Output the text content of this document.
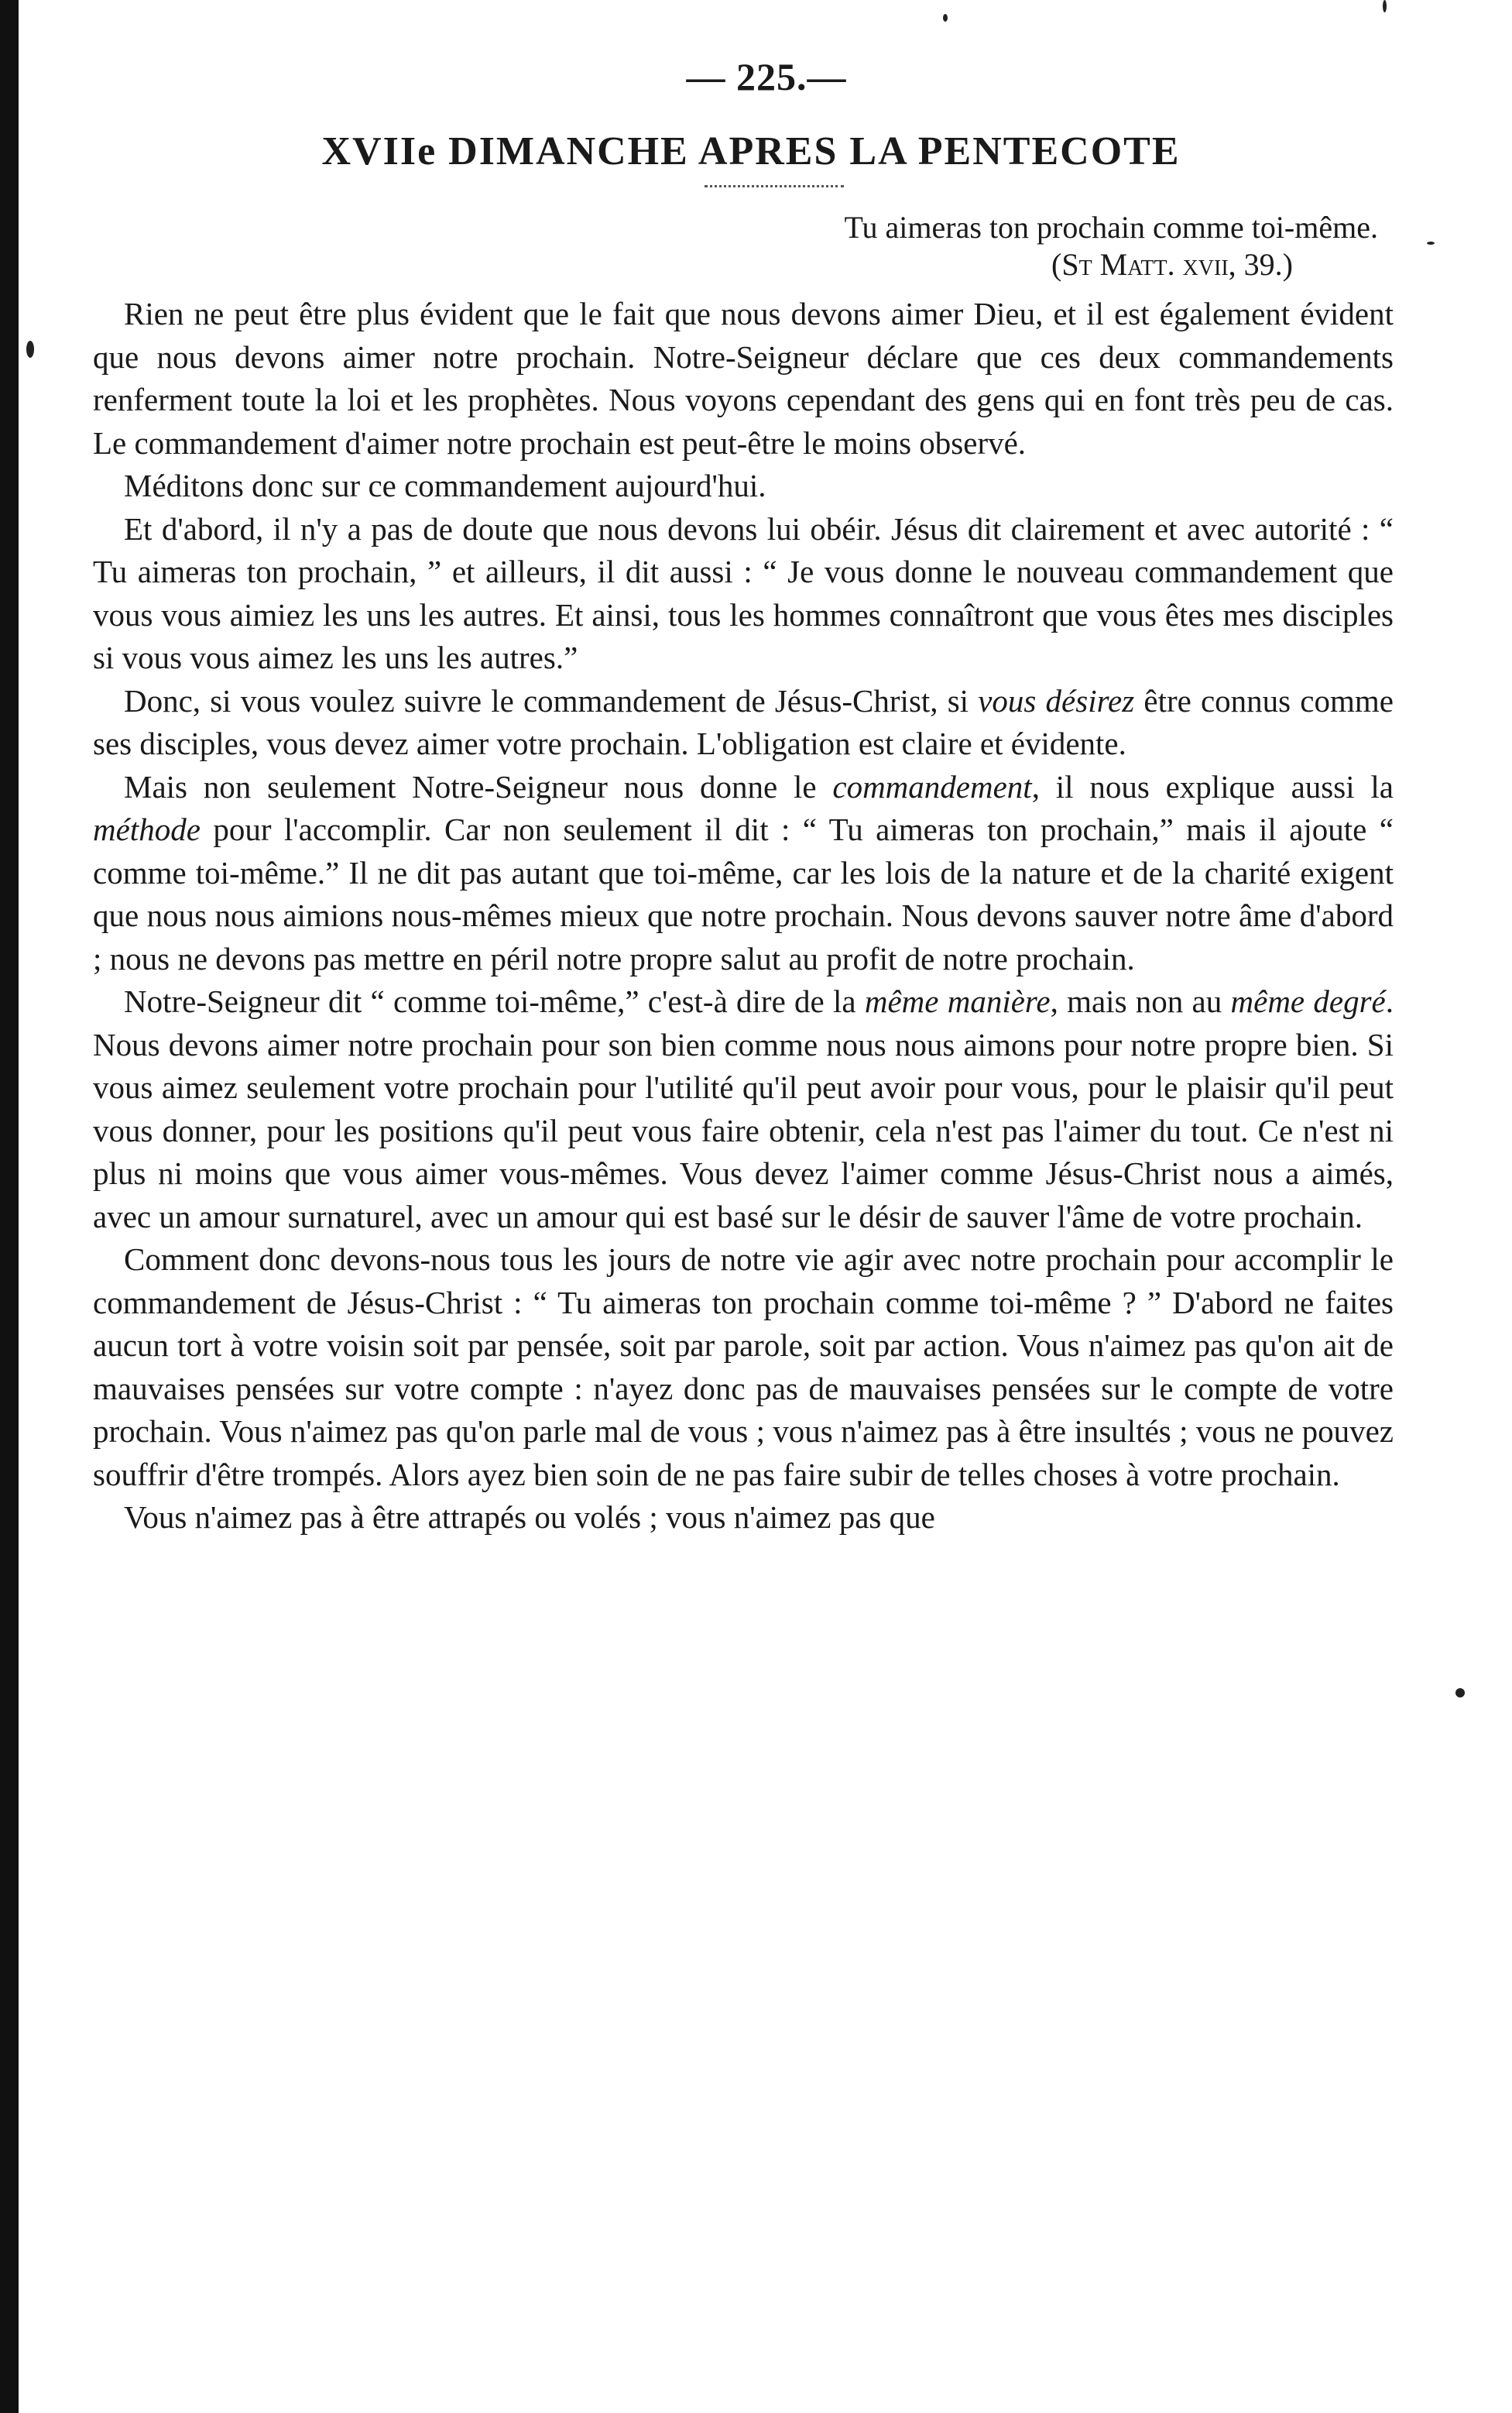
— 225.—
XVIIe DIMANCHE APRES LA PENTECOTE
Tu aimeras ton prochain comme toi-même.
(St Matt. xvii, 39.)

Rien ne peut être plus évident que le fait que nous devons aimer Dieu, et il est également évident que nous devons aimer notre prochain. Notre-Seigneur déclare que ces deux commandements renferment toute la loi et les prophètes. Nous voyons cependant des gens qui en font très peu de cas. Le commandement d'aimer notre prochain est peut-être le moins observé.

Méditons donc sur ce commandement aujourd'hui.

Et d'abord, il n'y a pas de doute que nous devons lui obéir. Jésus dit clairement et avec autorité : “ Tu aimeras ton prochain, ” et ailleurs, il dit aussi : “ Je vous donne le nouveau commandement que vous vous aimiez les uns les autres. Et ainsi, tous les hommes connaîtront que vous êtes mes disciples si vous vous aimez les uns les autres.”

Donc, si vous voulez suivre le commandement de Jésus-Christ, si vous désirez être connus comme ses disciples, vous devez aimer votre prochain. L'obligation est claire et évidente.

Mais non seulement Notre-Seigneur nous donne le commandement, il nous explique aussi la méthode pour l'accomplir. Car non seulement il dit : “ Tu aimeras ton prochain,” mais il ajoute “ comme toi-même.” Il ne dit pas autant que toi-même, car les lois de la nature et de la charité exigent que nous nous aimions nous-mêmes mieux que notre prochain. Nous devons sauver notre âme d'abord ; nous ne devons pas mettre en péril notre propre salut au profit de notre prochain.

Notre-Seigneur dit “ comme toi-même,” c'est-à dire de la même manière, mais non au même degré. Nous devons aimer notre prochain pour son bien comme nous nous aimons pour notre propre bien. Si vous aimez seulement votre prochain pour l'utilité qu'il peut avoir pour vous, pour le plaisir qu'il peut vous donner, pour les positions qu'il peut vous faire obtenir, cela n'est pas l'aimer du tout. Ce n'est ni plus ni moins que vous aimer vous-mêmes. Vous devez l'aimer comme Jésus-Christ nous a aimés, avec un amour surnaturel, avec un amour qui est basé sur le désir de sauver l'âme de votre prochain.

Comment donc devons-nous tous les jours de notre vie agir avec notre prochain pour accomplir le commandement de Jésus-Christ : “ Tu aimeras ton prochain comme toi-même ? ” D'abord ne faites aucun tort à votre voisin soit par pensée, soit par parole, soit par action. Vous n'aimez pas qu'on ait de mauvaises pensées sur votre compte : n'ayez donc pas de mauvaises pensées sur le compte de votre prochain. Vous n'aimez pas qu'on parle mal de vous ; vous n'aimez pas à être insultés ; vous ne pouvez souffrir d'être trompés. Alors ayez bien soin de ne pas faire subir de telles choses à votre prochain.

Vous n'aimez pas à être attrapés ou volés ; vous n'aimez pas que
